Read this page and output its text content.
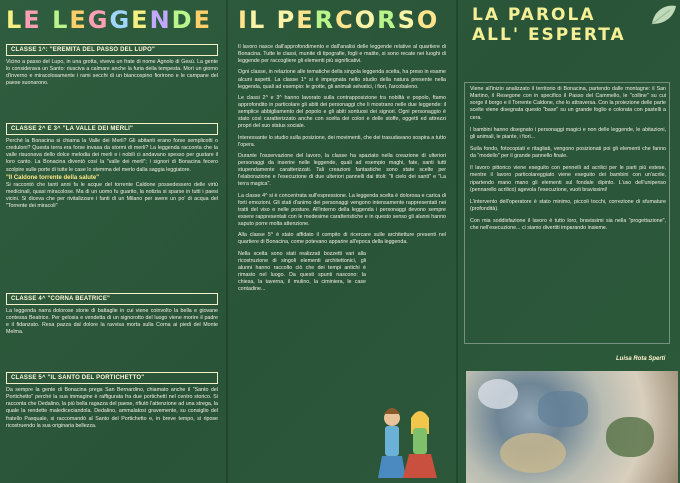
LE LEGGENDE
CLASSE 1^: "EREMITA DEL PASSO DEL LUPO"

Vicino a passo del Lupo, in una grotta, viveva un frate di nome Agnolo di Gesù. La gente lo considerava un Santo: riusciva a calmare anche la furia della tempesta. Morì un giorno d'inverno e miracolosamente i rami secchi di un biancospino fiorirono e le campane del paese suonarono.

CLASSE 2^ E 3^ "LA VALLE DEI MERLI"

Perché la Bonacina si chiama la Valle dei Merli? Gli abitanti erano forse semplicotti o creduloni? Questa terra era forse invasa da stormi di merli? La leggenda racconta che la valle risuonava dello dolce melodia dei merli e i nobili ci andavano spesso per gustare il loro canto. La Bonacina diventò così la "valle dei merli"; i signori di Bonacina fecero scolpire sulle porte di tutte le case lo stemma del merlo dalla saggia leggiatore.

"Il Caldone torrente della salute"

Si raccontò che tanti anni fa le acque del torrente Caldone possedessero delle virtù medicinali, quasi miracolose. Ma di un uomo fu guarito, la notizia si sparse in tutti i paesi vicini. Si diceva che per rivitalizzare i fanti di un Milano per avere un po' di acqua del "Torrente dei miracoli"

CLASSE 4^ "CORNA BEATRICE"

La leggenda narra dolorose storie di battaglie in cui viene coinvolto la bella e giovane contessa Beatrice. Per gelosia e vendetta di un signorotto del luogo viene morire il padre e il fidanzato. Resa pazza dal dolore la ravvisa morta sulla Corna ai piedi del Monte Melma.

CLASSE 5^ "IL SANTO DEL PORTICHETTO"

Da sempre la gente di Bonacina prega San Bernardino, chiamato anche il "Santo del Portichetto" perché la sua immagine è raffigurata fra due portichetti nel centro storico. Si racconta che Dedalino, la più bella ragazza del paese, rifiutò l'attenzione ad una strega, la quale la rendette malediceciandola. Dedalino, ammalatosi gravemente, su consiglio del fratello Pasquale, si raccomandò al Santo del Portichetto e, in breve tempo, si ripose ricostruendo la sua originaria bellezza.

IL PERCORSO

Il lavoro nasce dall'approfondimento e dall'analisi delle leggende relative al quartiere di Bonacina. Tutte le classi, munite di tipografie, fogli e matite, si sono recate nei luoghi di leggende per raccogliere gli elementi più significativi.

Ogni classe, in relazione alle tematiche della singola leggenda scelta, ha preso in esame alcuni aspetti. La classe 1^ si è impegnata nello studio della natura presente nella leggenda, quali ad esempio: le grotte, gli animali selvatici, i fiori, l'arcobaleno.

Le classi 2^ e 3^ hanno lavorato sulla contrapposizione tra nobiltà e popolo, ftamo approfondito in particolare gli abiti dei personaggi che li mostrano nelle due leggende: il semplice abbigliamento del popolo e gli abiti sontuosi dei signori. Ogni personaggio è stato così caratterizzato anche con scelta dei colori e delle stoffe, oggetti ed attrezzi propri del suo status sociale.

Interessante lo studio sulla posizione, dei movimenti, che dei trasudavano sospira a tutto l'opera.

Durante l'osservazione del lavoro, la classe ha spaziato nella creazione di ulteriori personaggi da inserire nelle leggende, quali ad esempio maghi, fate, santi tutti stupendamente caratterizzati. Tali creazioni fantastiche sono state scelte per l'elaborazione e l'esecuzione di due ulteriori pannelli dai titoli: "Il cielo dei santi" e "La terra magica".

La classe 4^ si è concentrata sull'espressione. La leggenda scelta è dolorosa e carica di forti emozioni. Gli stati d'animo dei personaggi vengono intensamente rappresentati nei tratti del viso e nelle posture. All'interno della leggenda i personaggi devono sempre essere rappresentati con le medesime caratteristiche e in questo senso gli alunni hanno saputo porre molta attenzione.

Alla classe 5^ è stato affidato il compito di ricercare sulle architetture presenti nel quartiere di Bonacina, come potevano apparire all'epoca della leggenda.

Nella scelta sono stati realizzati bozzetti vari alla ricostruzione di singoli elementi architettonici, gli alunni hanno raccolto ciò che dei tempi antichi è rimasto nel luogo. Da questi spunti nascono: la chiesa, la taverna, il mulino, la ciminiera, le case contadine...

LA PAROLA
ALL' ESPERTA

Viene all'inizio analizzato il territorio di Bonacina, partendo dalle montagne: il San Martino, il Resegone con in specifico il Passo del Cammello, le "colline" su cui sorge il borgo e il Torrente Caldone, che lo attraversa. Con la proiezione delle parte scelte viene disegnata questo "base" su un grande foglio e colorata con pastelli a cera.

I bambini hanno disegnato i personaggi magici e non delle leggende, le abitazioni, gli animali, le piante, i fiori...

Sulla fondo, fotocopiati e ritagliati, vengono posizionati poi gli elementi che fanno da "modello" per il grande pannello finale.

Il lavoro pittorico viene eseguito con pennelli ad acrilici per le parti più estese, mentre il lavoro particolareggiato viene eseguito dei bambini con un'acrile, ripartendo mano mano gli elementi sul fondale dipinto. L'uso dell'unipenso (pennarello acrilico) agevola l'esecuzione, vuoti bravissimi!

L'intervento dell'operatore è stato minimo, piccoli tocchi, correzione di sfumature (profondità).

Con mia soddisfazione il lavoro è tutto loro, bravissimi sia nella "progettazione", che nell'esecuzione... ci siamo divertiti imparando insieme.

Luisa Rota Sperti
